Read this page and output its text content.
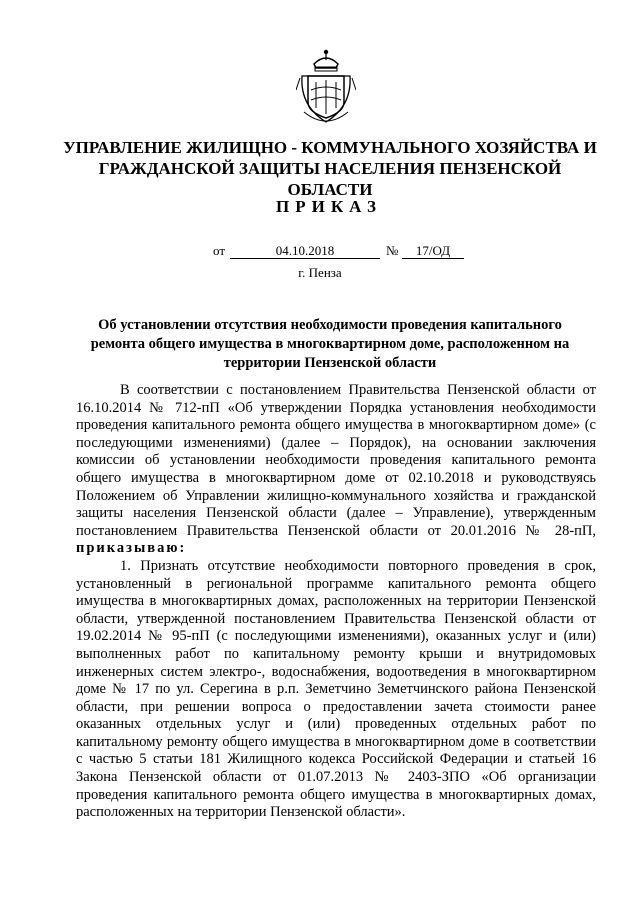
УПРАВЛЕНИЕ ЖИЛИЩНО - КОММУНАЛЬНОГО ХОЗЯЙСТВА И ГРАЖДАНСКОЙ ЗАЩИТЫ НАСЕЛЕНИЯ ПЕНЗЕНСКОЙ ОБЛАСТИ
ПРИКАЗ
от	04.10.2018	№	17/ОД
г. Пенза
Об установлении отсутствия необходимости проведения капитального ремонта общего имущества в многоквартирном доме, расположенном на территории Пензенской области

В соответствии с постановлением Правительства Пензенской области от 16.10.2014 № 712-пП «Об утверждении Порядка установления необходимости проведения капитального ремонта общего имущества в многоквартирном доме» (с последующими изменениями) (далее – Порядок), на основании заключения комиссии об установлении необходимости проведения капитального ремонта общего имущества в многоквартирном доме от 02.10.2018 и руководствуясь Положением об Управлении жилищно-коммунального хозяйства и гражданской защиты населения Пензенской области (далее – Управление), утвержденным постановлением Правительства Пензенской области от 20.01.2016 № 28-пП, приказываю:

1. Признать отсутствие необходимости повторного проведения в срок, установленный в региональной программе капитального ремонта общего имущества в многоквартирных домах, расположенных на территории Пензенской области, утвержденной постановлением Правительства Пензенской области от 19.02.2014 № 95-пП (с последующими изменениями), оказанных услуг и (или) выполненных работ по капитальному ремонту крыши и внутридомовых инженерных систем электро-, водоснабжения, водоотведения в многоквартирном доме № 17 по ул. Серегина в р.п. Земетчино Земетчинского района Пензенской области, при решении вопроса о предоставлении зачета стоимости ранее оказанных отдельных услуг и (или) проведенных отдельных работ по капитальному ремонту общего имущества в многоквартирном доме в соответствии с частью 5 статьи 181 Жилищного кодекса Российской Федерации и статьей 16 Закона Пензенской области от 01.07.2013 № 2403-ЗПО «Об организации проведения капитального ремонта общего имущества в многоквартирных домах, расположенных на территории Пензенской области».
